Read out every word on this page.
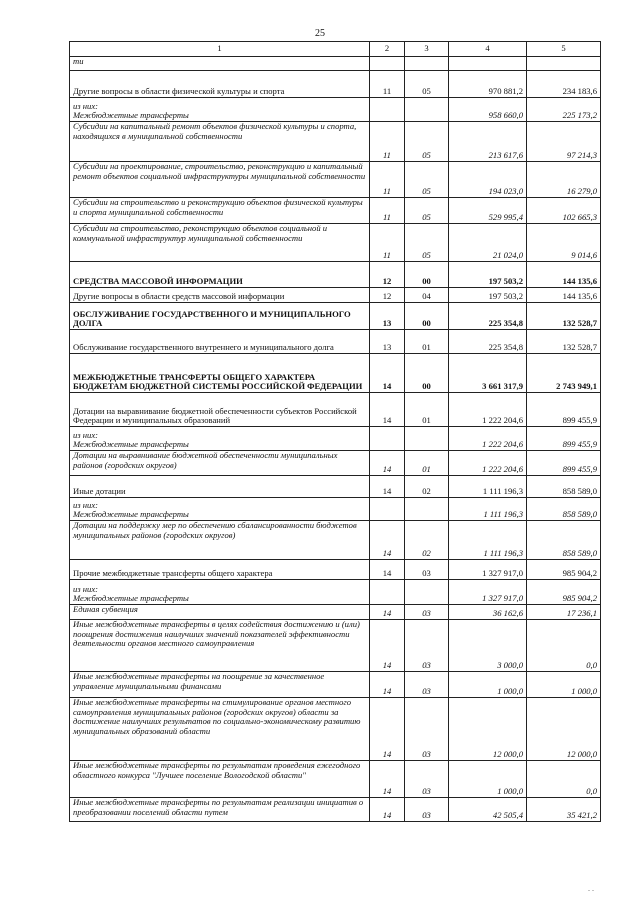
25
1	2	3	4	5
ти				
Другие вопросы в области физической культуры и спорта	11	05	970 881,2	234 183,6

из них:
Межбюджетные трансферты			958 660,0	225 173,2
Субсидии на капитальный ремонт объектов физической культуры и спорта, находящихся в муниципальной собственности	11	05	213 617,6	97 214,3
Субсидии на проектирование, строительство, реконструкцию и капитальный ремонт объектов социальной инфраструктуры муниципальной собственности	11	05	194 023,0	16 279,0
Субсидии на строительство и реконструкцию объектов физической культуры и спорта муниципальной собственности	11	05	529 995,4	102 665,3
Субсидии на строительство, реконструкцию объектов социальной и коммунальной инфраструктур муниципальной собственности	11	05	21 024,0	9 014,6
СРЕДСТВА МАССОВОЙ ИНФОРМАЦИИ	12	00	197 503,2	144 135,6
Другие вопросы в области средств массовой информации	12	04	197 503,2	144 135,6
ОБСЛУЖИВАНИЕ ГОСУДАРСТВЕННОГО И МУНИЦИПАЛЬНОГО ДОЛГА	13	00	225 354,8	132 528,7
Обслуживание государственного внутреннего и муниципального долга	13	01	225 354,8	132 528,7
МЕЖБЮДЖЕТНЫЕ ТРАНСФЕРТЫ ОБЩЕГО ХАРАКТЕРА БЮДЖЕТАМ БЮДЖЕТНОЙ СИСТЕМЫ РОССИЙСКОЙ ФЕДЕРАЦИИ	14	00	3 661 317,9	2 743 949,1
Дотации на выравнивание бюджетной обеспеченности субъектов Российской Федерации и муниципальных образований	14	01	1 222 204,6	899 455,9

из них:
Межбюджетные трансферты			1 222 204,6	899 455,9
Дотации на выравнивание бюджетной обеспеченности муниципальных районов (городских округов)	14	01	1 222 204,6	899 455,9
Иные дотации	14	02	1 111 196,3	858 589,0

из них:
Межбюджетные трансферты			1 111 196,3	858 589,0
Дотации на поддержку мер по обеспечению сбалансированности бюджетов муниципальных районов (городских округов)	14	02	1 111 196,3	858 589,0
Прочие межбюджетные трансферты общего характера	14	03	1 327 917,0	985 904,2

из них:
Межбюджетные трансферты			1 327 917,0	985 904,2
Единая субвенция	14	03	36 162,6	17 236,1
Иные межбюджетные трансферты в целях содействия достижению и (или) поощрения достижения наилучших значений показателей эффективности деятельности органов местного самоуправления	14	03	3 000,0	0,0
Иные межбюджетные трансферты на поощрение за качественное управление муниципальными финансами	14	03	1 000,0	1 000,0
Иные межбюджетные трансферты на стимулирование органов местного самоуправления муниципальных районов (городских округов) области за достижение наилучших результатов по социально-экономическому развитию муниципальных образований области	14	03	12 000,0	12 000,0
Иные межбюджетные трансферты по результатам проведения ежегодного областного конкурса "Лучшее поселение Вологодской области"	14	03	1 000,0	0,0
Иные межбюджетные трансферты по результатам реализации инициатив о преобразовании поселений области путем	14	03	42 505,4	35 421,2
. .
